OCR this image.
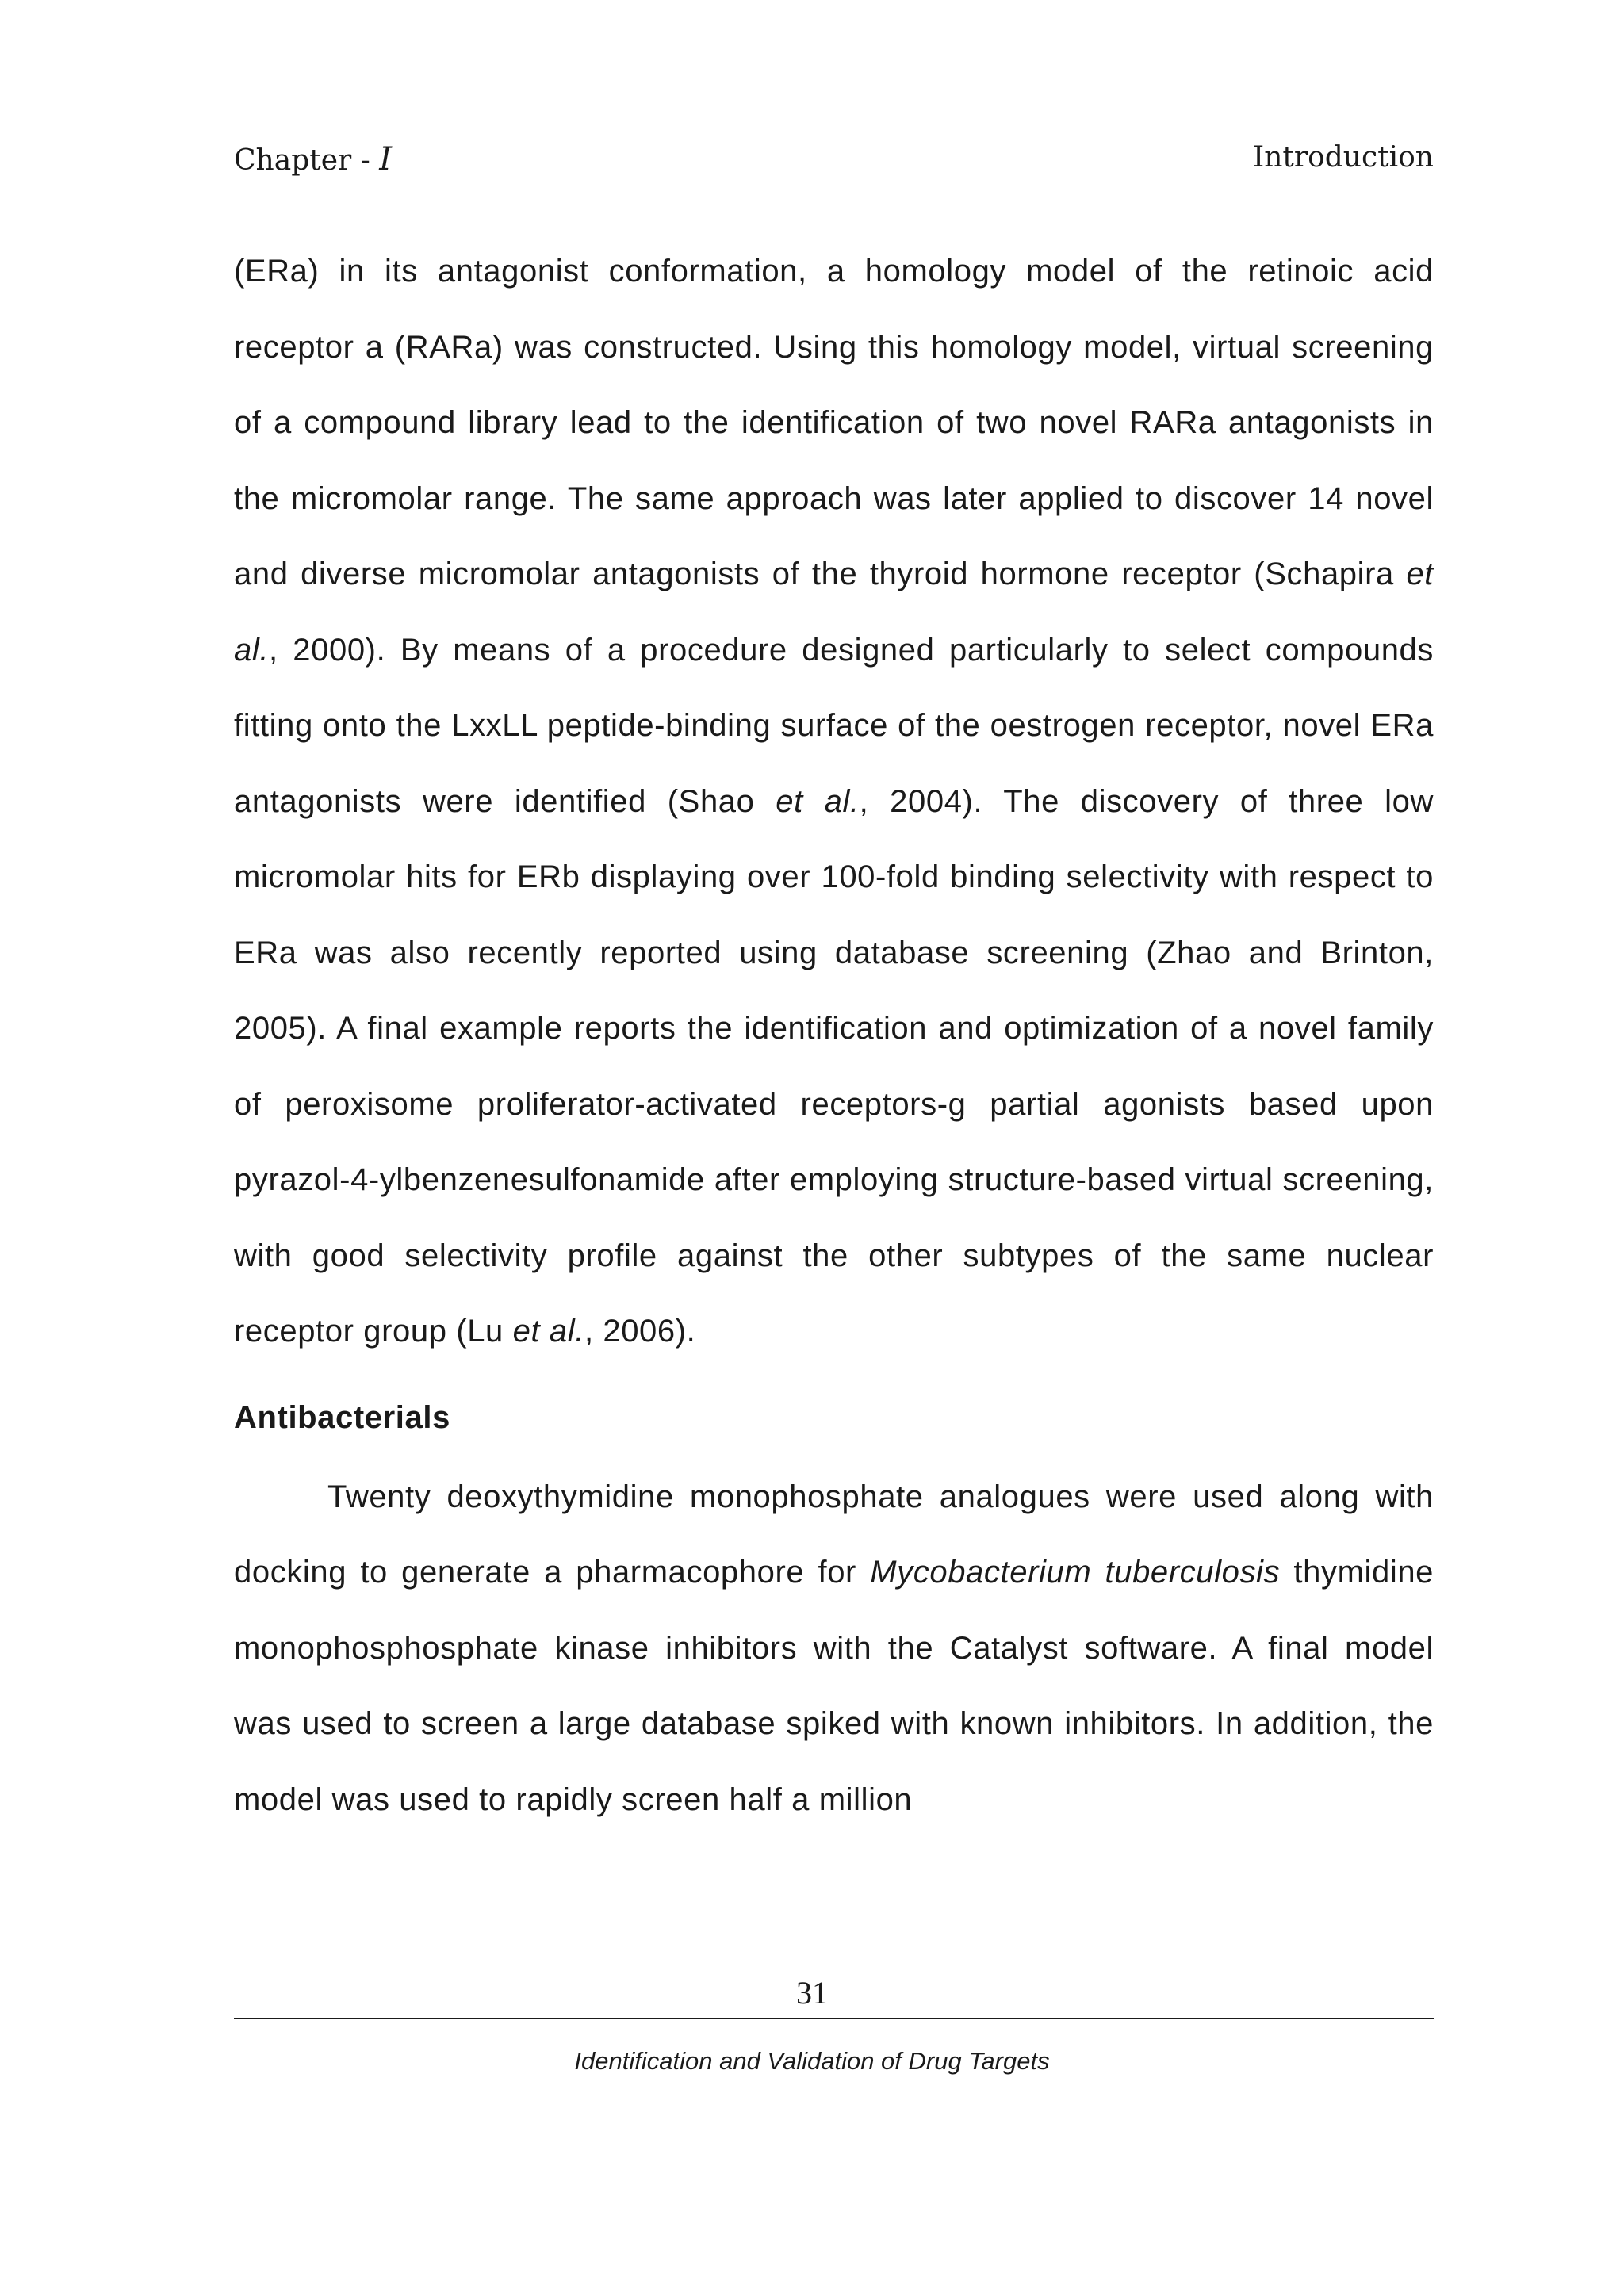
Chapter - I	Introduction

(ERa) in its antagonist conformation, a homology model of the retinoic acid receptor a (RARa) was constructed. Using this homology model, virtual screening of a compound library lead to the identification of two novel RARa antagonists in the micromolar range. The same approach was later applied to discover 14 novel and diverse micromolar antagonists of the thyroid hormone receptor (Schapira et al., 2000). By means of a procedure designed particularly to select compounds fitting onto the LxxLL peptide-binding surface of the oestrogen receptor, novel ERa antagonists were identified (Shao et al., 2004). The discovery of three low micromolar hits for ERb displaying over 100-fold binding selectivity with respect to ERa was also recently reported using database screening (Zhao and Brinton, 2005). A final example reports the identification and optimization of a novel family of peroxisome proliferator-activated receptors-g partial agonists based upon pyrazol-4-ylbenzenesulfonamide after employing structure-based virtual screening, with good selectivity profile against the other subtypes of the same nuclear receptor group (Lu et al., 2006).

Antibacterials

Twenty deoxythymidine monophosphate analogues were used along with docking to generate a pharmacophore for Mycobacterium tuberculosis thymidine monophosphosphate kinase inhibitors with the Catalyst software. A final model was used to screen a large database spiked with known inhibitors. In addition, the model was used to rapidly screen half a million

31
Identification and Validation of Drug Targets
